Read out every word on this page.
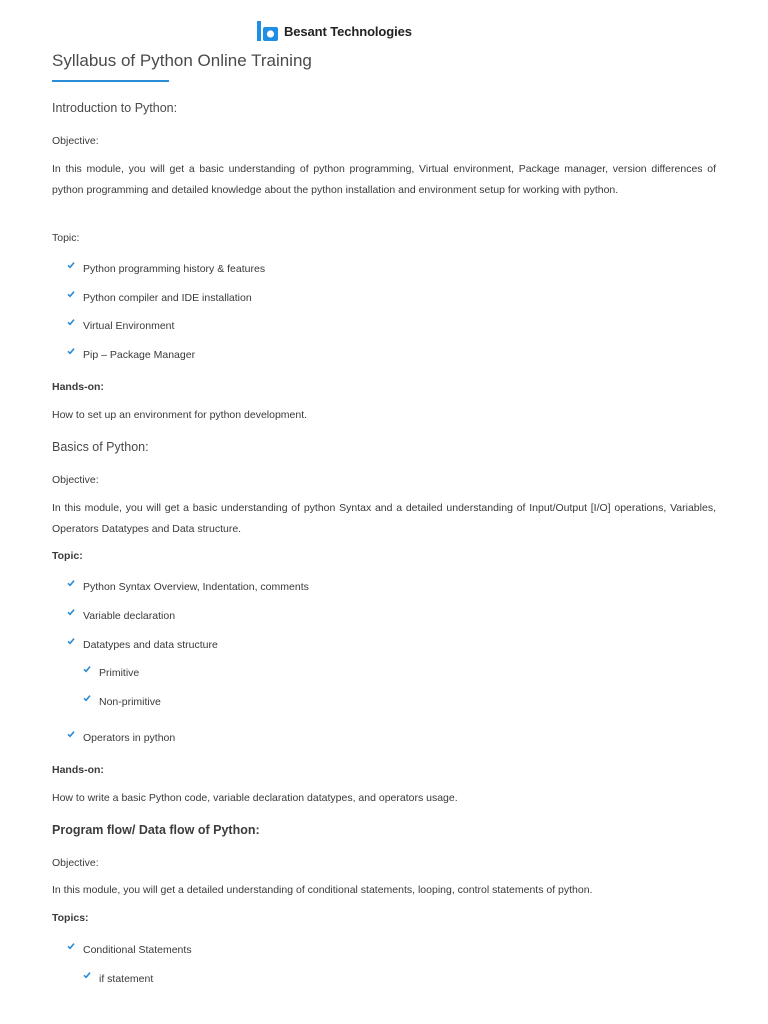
Besant Technologies
Syllabus of Python Online Training
Introduction to Python:
Objective:
In this module, you will get a basic understanding of python programming, Virtual environment, Package manager, version differences of python programming and detailed knowledge about the python installation and environment setup for working with python.
Topic:
Python programming history & features
Python compiler and IDE installation
Virtual Environment
Pip – Package Manager
Hands-on:
How to set up an environment for python development.
Basics of Python:
Objective:
In this module, you will get a basic understanding of python Syntax and a detailed understanding of Input/Output [I/O] operations, Variables, Operators Datatypes and Data structure.
Topic:
Python Syntax Overview, Indentation, comments
Variable declaration
Datatypes and data structure
Primitive
Non-primitive
Operators in python
Hands-on:
How to write a basic Python code, variable declaration datatypes, and operators usage.
Program flow/ Data flow of Python:
Objective:
In this module, you will get a detailed understanding of conditional statements, looping, control statements of python.
Topics:
Conditional Statements
if statement
